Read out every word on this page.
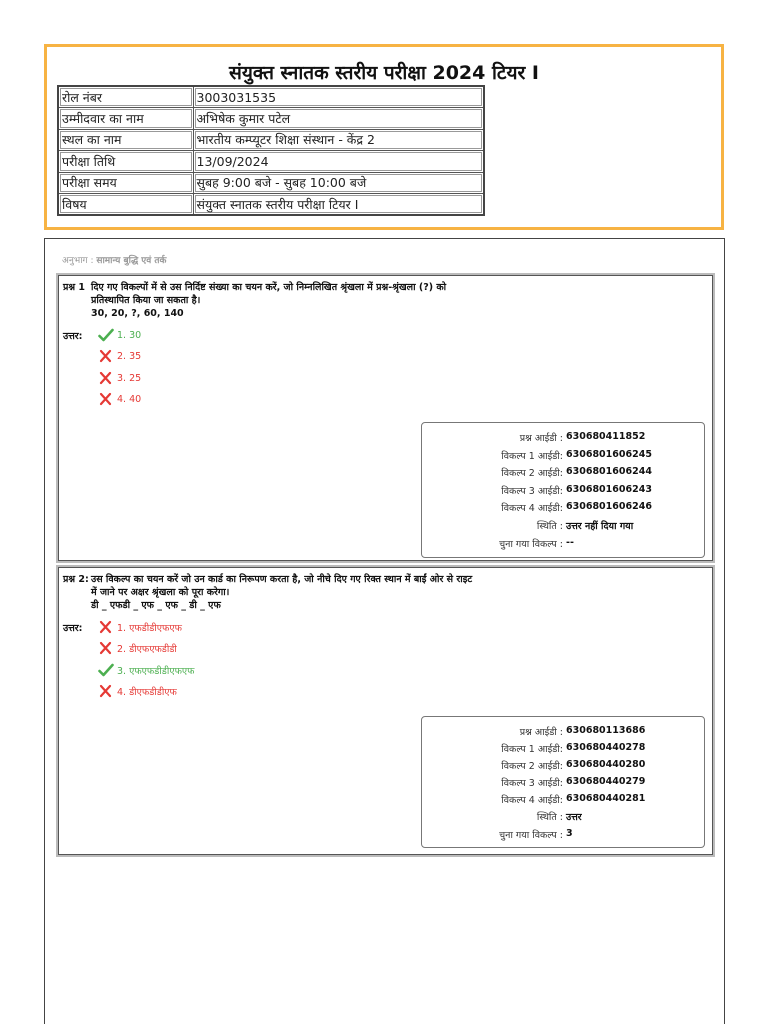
संयुक्त स्नातक स्तरीय परीक्षा 2024 टियर I
रोल नंबर	3003031535
उम्मीदवार का नाम	अभिषेक कुमार पटेल
स्थल का नाम	भारतीय कम्प्यूटर शिक्षा संस्थान - केंद्र 2
परीक्षा तिथि	13/09/2024
परीक्षा समय	सुबह 9:00 बजे - सुबह 10:00 बजे
विषय	संयुक्त स्नातक स्तरीय परीक्षा टियर I
अनुभाग : सामान्य बुद्धि एवं तर्क
प्रश्न 1 दिए गए विकल्पों में से उस निर्दिष्ट संख्या का चयन करें, जो निम्नलिखित श्रृंखला में प्रश्न-श्रृंखला (?) को
प्रतिस्थापित किया जा सकता है।
30, 20, ?, 60, 140
उत्तर:	1. 30
2. 35
3. 25
4. 40
प्रश्न आईडी : 630680411852
विकल्प 1 आईडी: 6306801606245
विकल्प 2 आईडी: 6306801606244
विकल्प 3 आईडी: 6306801606243
विकल्प 4 आईडी: 6306801606246
स्थिति : उत्तर नहीं दिया गया
चुना गया विकल्प : --
प्रश्न 2: उस विकल्प का चयन करें जो उन कार्ड का निरूपण करता है, जो नीचे दिए गए रिक्त स्थान में बाईं ओर से राइट
में जाने पर अक्षर श्रृंखला को पूरा करेगा।
डी _ एफडी _ एफ _ एफ _ डी _ एफ
उत्तर:	1. एफडीडीएफएफ
2. डीएफएफडीडी
3. एफएफडीडीएफएफ
4. डीएफडीडीएफ
प्रश्न आईडी : 630680113686
विकल्प 1 आईडी: 630680440278
विकल्प 2 आईडी: 630680440280
विकल्प 3 आईडी: 630680440279
विकल्प 4 आईडी: 630680440281
स्थिति : उत्तर
चुना गया विकल्प : 3
